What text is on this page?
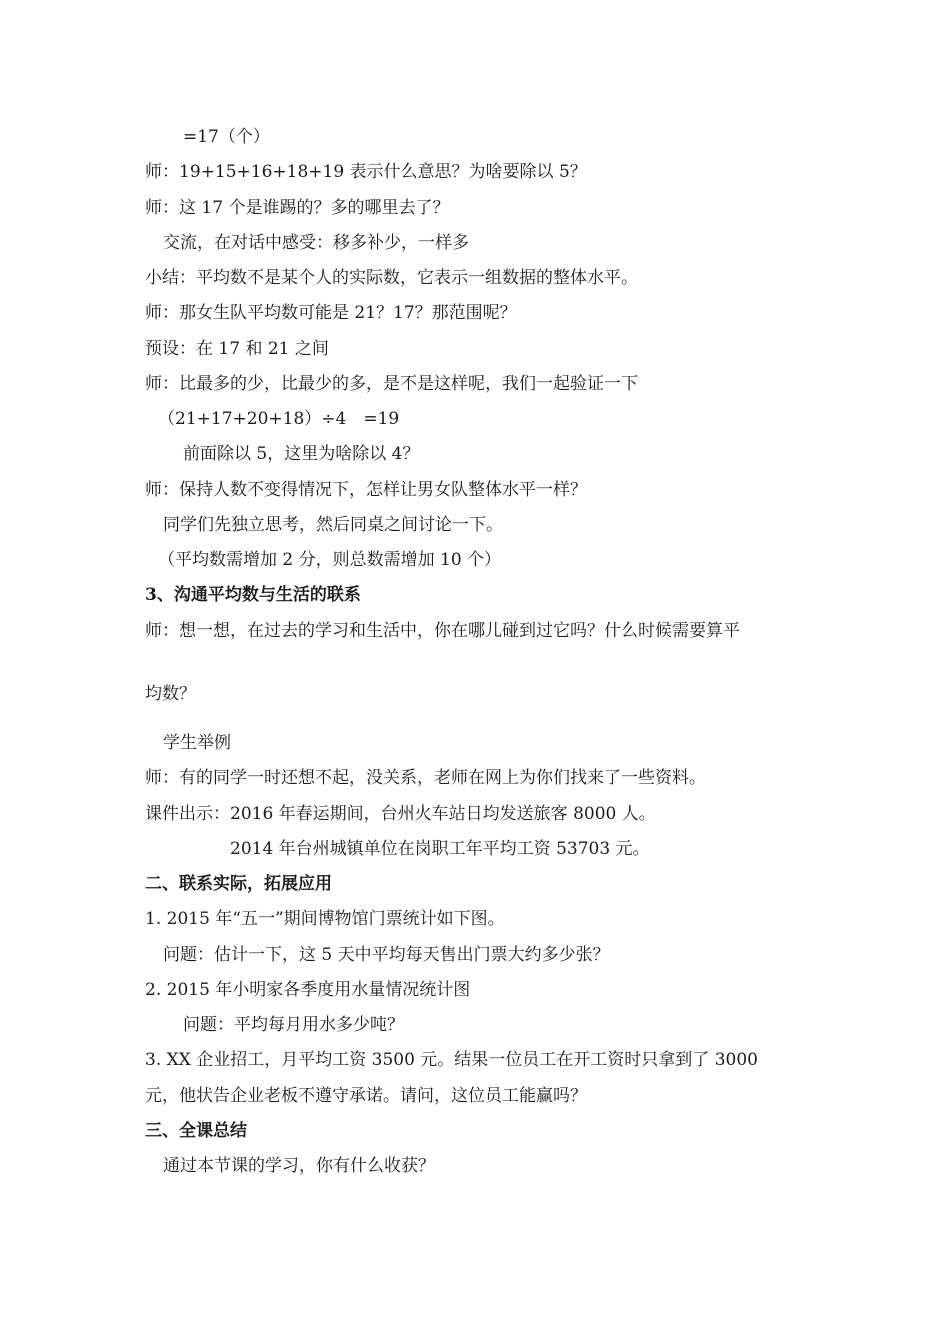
=17（个）
师：19+15+16+18+19 表示什么意思？为啥要除以 5？
师：这 17 个是谁踢的？多的哪里去了？
交流，在对话中感受：移多补少，一样多
小结：平均数不是某个人的实际数，它表示一组数据的整体水平。
师：那女生队平均数可能是 21？17？那范围呢？
预设：在 17 和 21 之间
师：比最多的少，比最少的多，是不是这样呢，我们一起验证一下
（21+17+20+18）÷4　=19
前面除以 5，这里为啥除以 4？
师：保持人数不变得情况下，怎样让男女队整体水平一样？
同学们先独立思考，然后同桌之间讨论一下。
（平均数需增加 2 分，则总数需增加 10 个）
3、沟通平均数与生活的联系
师：想一想，在过去的学习和生活中，你在哪儿碰到过它吗？什么时候需要算平
均数？
学生举例
师：有的同学一时还想不起，没关系，老师在网上为你们找来了一些资料。
课件出示：2016 年春运期间，台州火车站日均发送旅客 8000 人。
2014 年台州城镇单位在岗职工年平均工资 53703 元。
二、联系实际，拓展应用
1. 2015 年“五一”期间博物馆门票统计如下图。
问题：估计一下，这 5 天中平均每天售出门票大约多少张？
2. 2015 年小明家各季度用水量情况统计图
问题：平均每月用水多少吨？
3. XX 企业招工，月平均工资 3500 元。结果一位员工在开工资时只拿到了 3000
元，他状告企业老板不遵守承诺。请问，这位员工能赢吗？
三、全课总结
通过本节课的学习，你有什么收获？
